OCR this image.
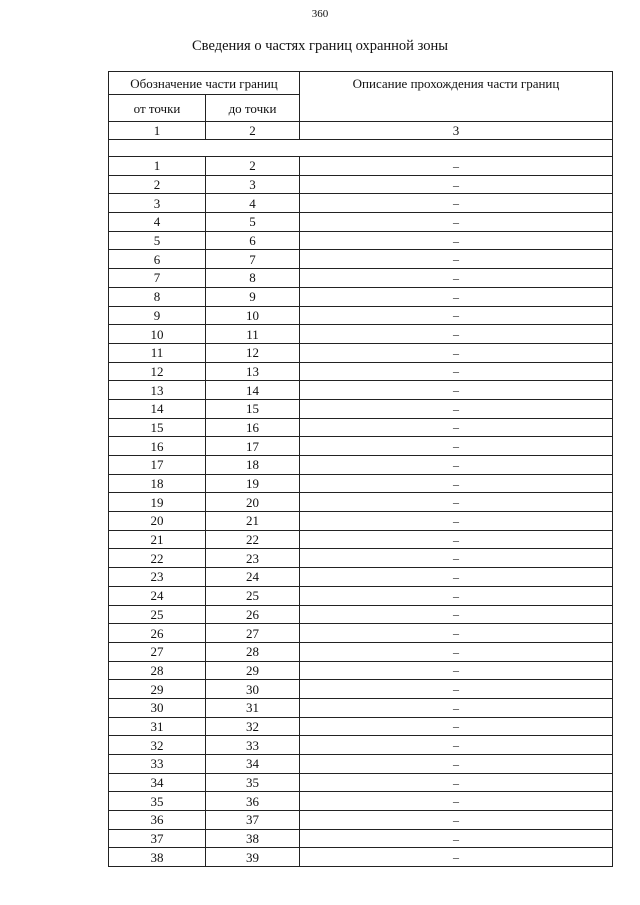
360
Сведения о частях границ охранной зоны
Обозначение части границ		Описание прохождения части границ
от точки	до точки	
1	2	3

1	2	–
2	3	–
3	4	–
4	5	–
5	6	–
6	7	–
7	8	–
8	9	–
9	10	–
10	11	–
11	12	–
12	13	–
13	14	–
14	15	–
15	16	–
16	17	–
17	18	–
18	19	–
19	20	–
20	21	–
21	22	–
22	23	–
23	24	–
24	25	–
25	26	–
26	27	–
27	28	–
28	29	–
29	30	–
30	31	–
31	32	–
32	33	–
33	34	–
34	35	–
35	36	–
36	37	–
37	38	–
38	39	–
